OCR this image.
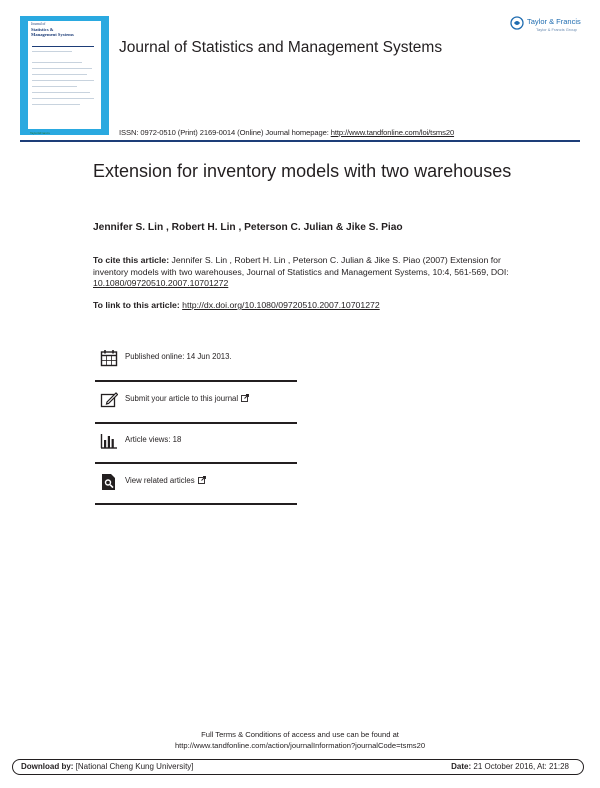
Journal of
Statistics &
Management Systems
Taylor&Francis
Journal of Statistics and Management Systems
Taylor & Francis
Taylor & Francis Group
ISSN: 0972-0510 (Print) 2169-0014 (Online) Journal homepage: http://www.tandfonline.com/loi/tsms20
Extension for inventory models with two warehouses
Jennifer S. Lin , Robert H. Lin , Peterson C. Julian & Jike S. Piao
To cite this article: Jennifer S. Lin , Robert H. Lin , Peterson C. Julian & Jike S. Piao (2007) Extension for inventory models with two warehouses, Journal of Statistics and Management Systems, 10:4, 561-569, DOI: 10.1080/09720510.2007.10701272
To link to this article: http://dx.doi.org/10.1080/09720510.2007.10701272
Published online: 14 Jun 2013.
Submit your article to this journal
Article views: 18
View related articles
Full Terms & Conditions of access and use can be found at
http://www.tandfonline.com/action/journalInformation?journalCode=tsms20
Download by: [National Cheng Kung University]	Date: 21 October 2016, At: 21:28
